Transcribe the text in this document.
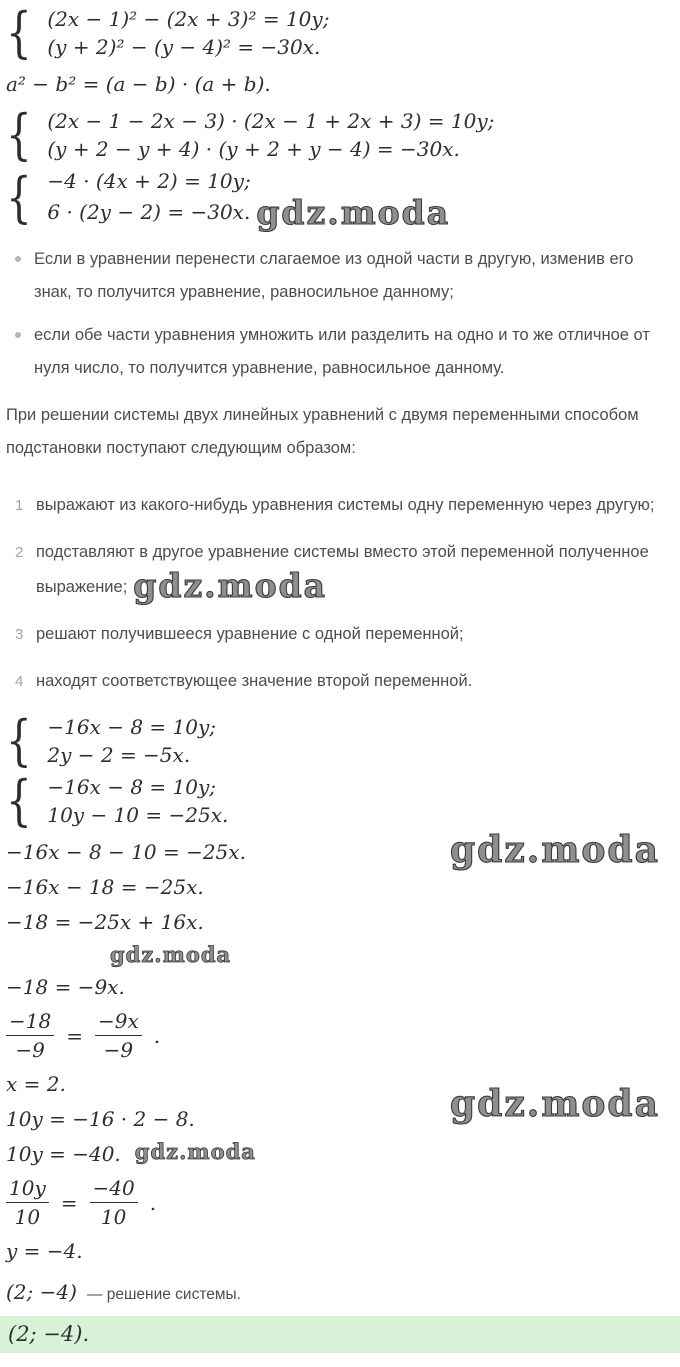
{ (2x − 1)² − (2x + 3)² = 10y;
(y + 2)² − (y − 4)² = −30x.
a² − b² = (a − b) · (a + b).
{ (2x − 1 − 2x − 3) · (2x − 1 + 2x + 3) = 10y;
(y + 2 − y + 4) · (y + 2 + y − 4) = −30x.
{ −4 · (4x + 2) = 10y;
6 · (2y − 2) = −30x. gdz.moda
Если в уравнении перенести слагаемое из одной части в другую, изменив его знак, то получится уравнение, равносильное данному;
если обе части уравнения умножить или разделить на одно и то же отличное от нуля число, то получится уравнение, равносильное данному.
При решении системы двух линейных уравнений с двумя переменными способом подстановки поступают следующим образом:
1 выражают из какого-нибудь уравнения системы одну переменную через другую;
2 подставляют в другое уравнение системы вместо этой переменной полученное выражение; gdz.moda
3 решают получившееся уравнение с одной переменной;
4 находят соответствующее значение второй переменной.
{ −16x − 8 = 10y;
2y − 2 = −5x.
{ −16x − 8 = 10y;
10y − 10 = −25x.
−16x − 8 − 10 = −25x.
−16x − 18 = −25x.
−18 = −25x + 16x.
gdz.moda
−18 = −9x.
$\frac{-18}{-9} = \frac{-9x}{-9}$ .
x = 2.
10y = −16 · 2 − 8.
10y = −40. gdz.moda
$\frac{10y}{10} = \frac{-40}{10}$ .
y = −4.
(2; −4) — решение системы.
(2; −4).
gdz.moda
gdz.moda
